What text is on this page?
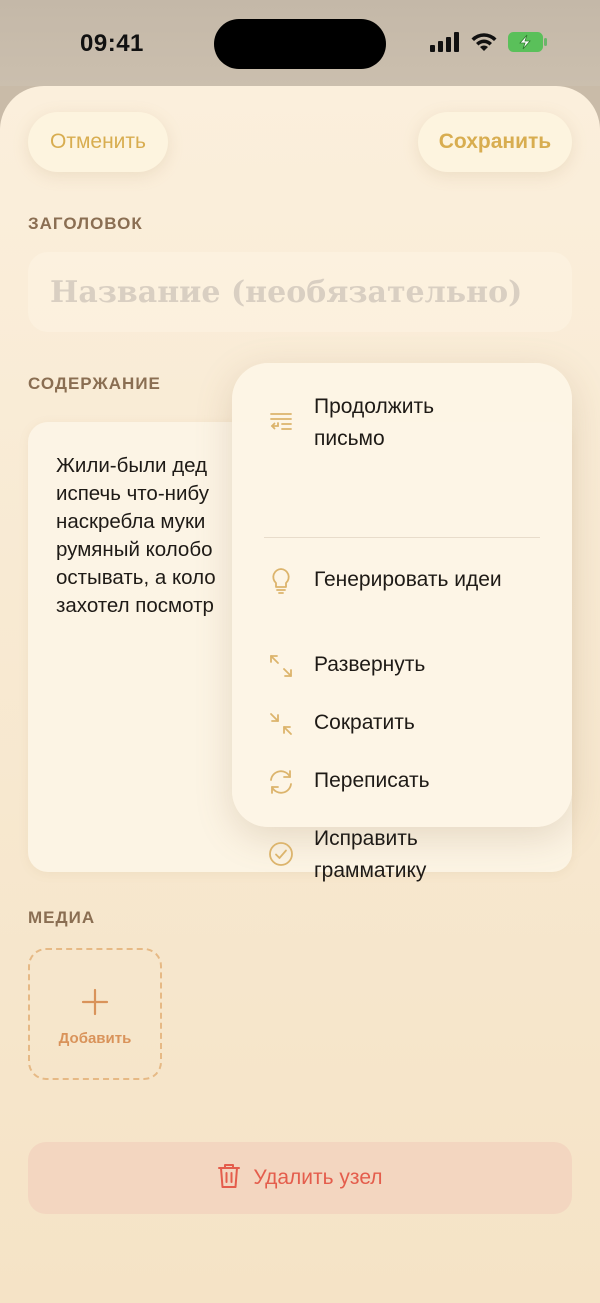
09:41
Отменить	Сохранить
ЗАГОЛОВОК
Название (необязательно)
СОДЕРЖАНИЕ
Жили-были дед
испечь что-нибу
наскребла муки
румяный колобо
остывать, а коло
захотел посмотр
Продолжить
письмо
Генерировать идеи
Развернуть
Сократить
Переписать
Исправить
грамматику
МЕДИА
Добавить
Удалить узел
